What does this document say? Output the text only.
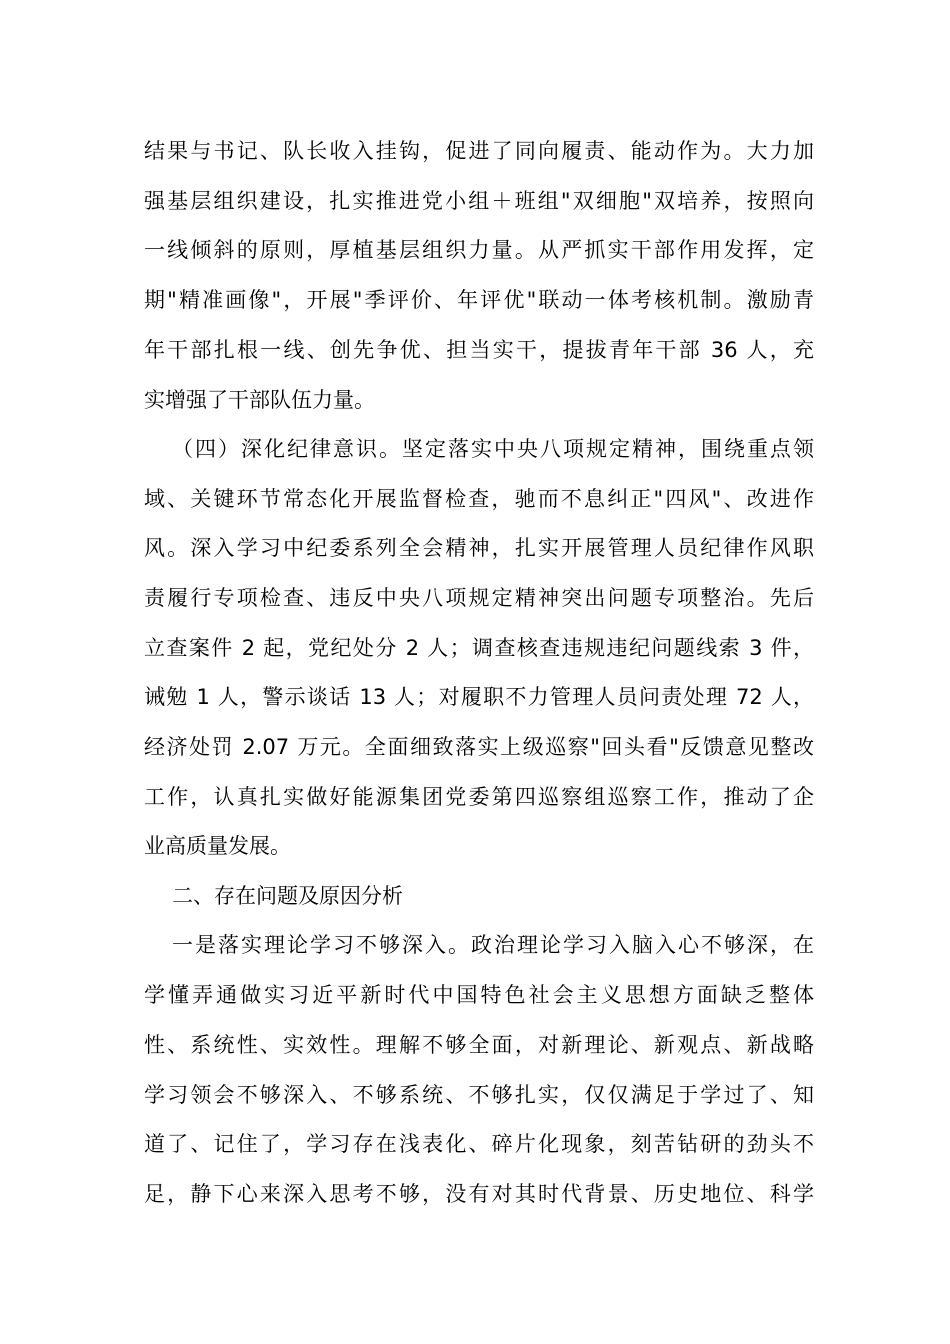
结果与书记、队长收入挂钩，促进了同向履责、能动作为。大力加
强基层组织建设，扎实推进党小组＋班组"双细胞"双培养，按照向
一线倾斜的原则，厚植基层组织力量。从严抓实干部作用发挥，定
期"精准画像"，开展"季评价、年评优"联动一体考核机制。激励青
年干部扎根一线、创先争优、担当实干，提拔青年干部 36 人，充
实增强了干部队伍力量。
（四）深化纪律意识。坚定落实中央八项规定精神，围绕重点领
域、关键环节常态化开展监督检查，驰而不息纠正"四风"、改进作
风。深入学习中纪委系列全会精神，扎实开展管理人员纪律作风职
责履行专项检查、违反中央八项规定精神突出问题专项整治。先后
立查案件 2 起，党纪处分 2 人；调查核查违规违纪问题线索 3 件，
诫勉 1 人，警示谈话 13 人；对履职不力管理人员问责处理 72 人，
经济处罚 2.07 万元。全面细致落实上级巡察"回头看"反馈意见整改
工作，认真扎实做好能源集团党委第四巡察组巡察工作，推动了企
业高质量发展。
二、存在问题及原因分析
一是落实理论学习不够深入。政治理论学习入脑入心不够深，在
学懂弄通做实习近平新时代中国特色社会主义思想方面缺乏整体
性、系统性、实效性。理解不够全面，对新理论、新观点、新战略
学习领会不够深入、不够系统、不够扎实，仅仅满足于学过了、知
道了、记住了，学习存在浅表化、碎片化现象，刻苦钻研的劲头不
足，静下心来深入思考不够，没有对其时代背景、历史地位、科学
